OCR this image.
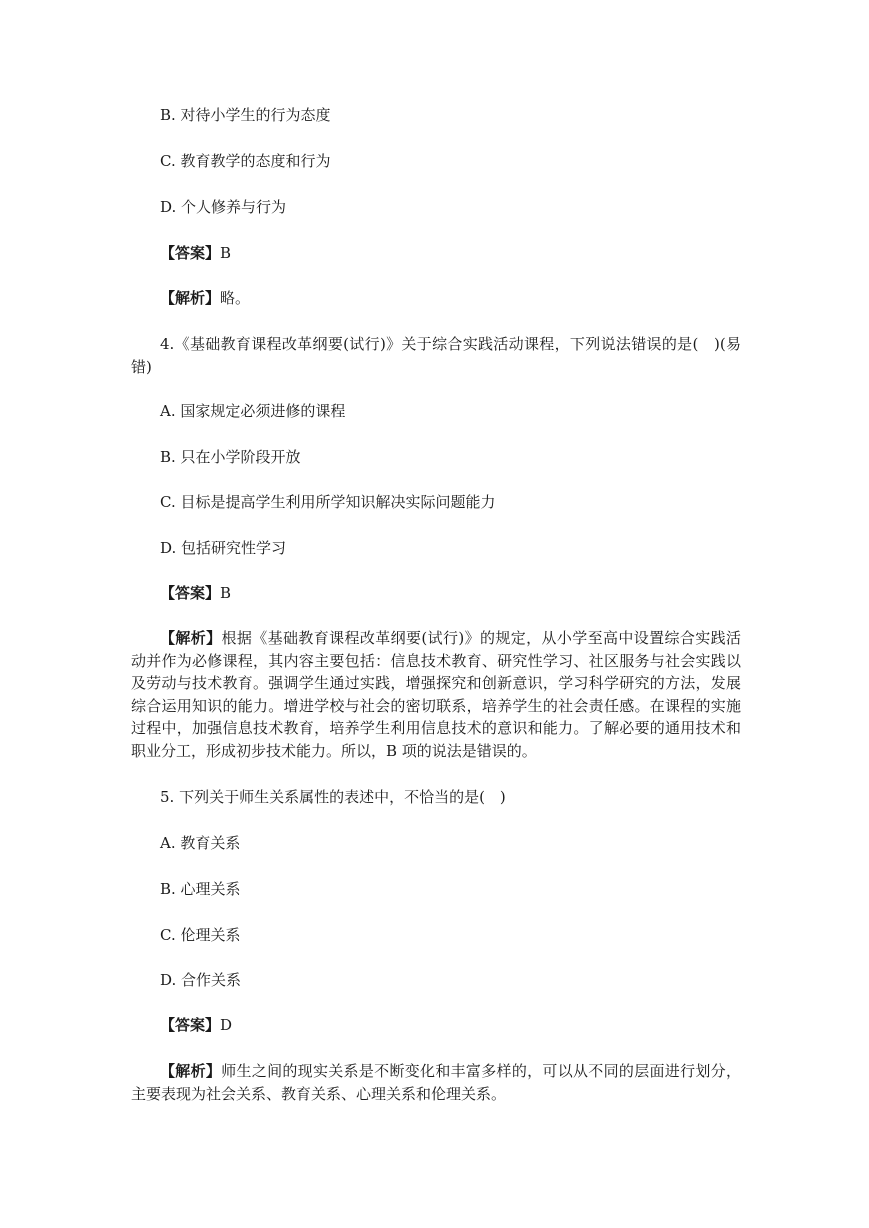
B. 对待小学生的行为态度
C. 教育教学的态度和行为
D. 个人修养与行为
【答案】B
【解析】略。
4.《基础教育课程改革纲要(试行)》关于综合实践活动课程，下列说法错误的是(　)(易错)
A. 国家规定必须进修的课程
B. 只在小学阶段开放
C. 目标是提高学生利用所学知识解决实际问题能力
D. 包括研究性学习
【答案】B
【解析】根据《基础教育课程改革纲要(试行)》的规定，从小学至高中设置综合实践活动并作为必修课程，其内容主要包括：信息技术教育、研究性学习、社区服务与社会实践以及劳动与技术教育。强调学生通过实践，增强探究和创新意识，学习科学研究的方法，发展综合运用知识的能力。增进学校与社会的密切联系，培养学生的社会责任感。在课程的实施过程中，加强信息技术教育，培养学生利用信息技术的意识和能力。了解必要的通用技术和职业分工，形成初步技术能力。所以，B 项的说法是错误的。
5. 下列关于师生关系属性的表述中，不恰当的是(　)
A. 教育关系
B. 心理关系
C. 伦理关系
D. 合作关系
【答案】D
【解析】师生之间的现实关系是不断变化和丰富多样的，可以从不同的层面进行划分，主要表现为社会关系、教育关系、心理关系和伦理关系。
